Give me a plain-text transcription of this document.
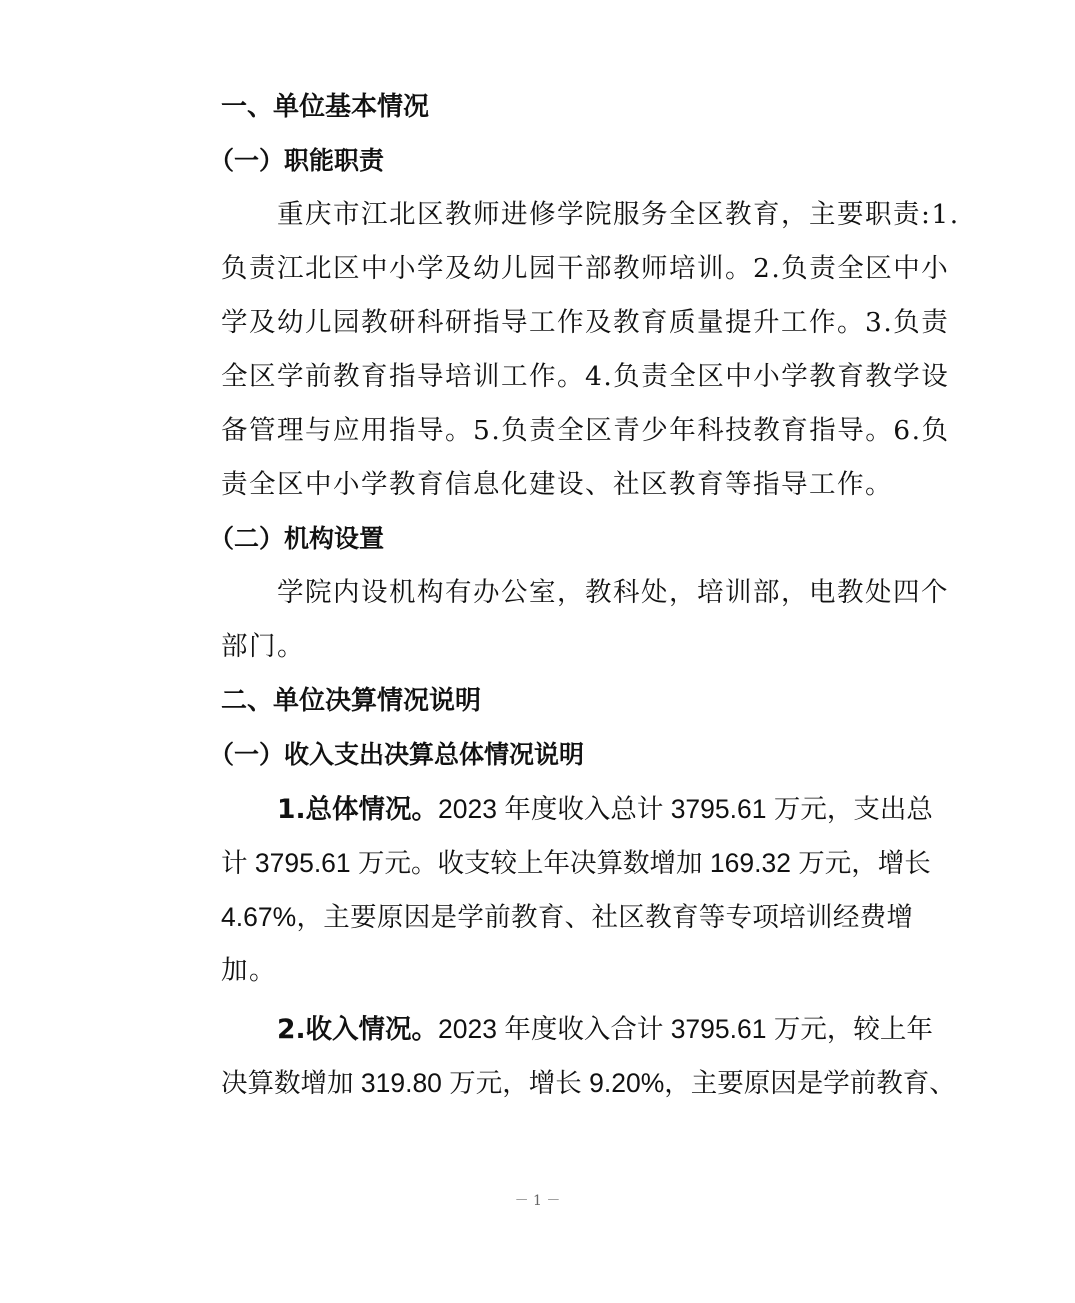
一、单位基本情况
（一）职能职责
重庆市江北区教师进修学院服务全区教育，主要职责:1.
负责江北区中小学及幼儿园干部教师培训。2.负责全区中小
学及幼儿园教研科研指导工作及教育质量提升工作。3.负责
全区学前教育指导培训工作。4.负责全区中小学教育教学设
备管理与应用指导。5.负责全区青少年科技教育指导。6.负
责全区中小学教育信息化建设、社区教育等指导工作。
（二）机构设置
学院内设机构有办公室，教科处，培训部，电教处四个
部门。
二、单位决算情况说明
（一）收入支出决算总体情况说明
1.总体情况。2023 年度收入总计 3795.61 万元，支出总
计 3795.61 万元。收支较上年决算数增加 169.32 万元，增长
4.67%，主要原因是学前教育、社区教育等专项培训经费增
加。
2.收入情况。2023 年度收入合计 3795.61 万元，较上年
决算数增加 319.80 万元，增长 9.20%，主要原因是学前教育、
－ 1 －
